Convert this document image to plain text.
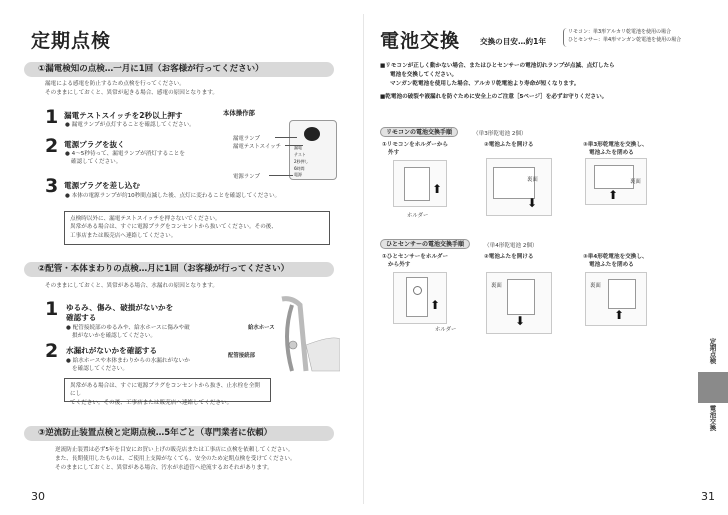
定期点検
①漏電検知の点検…一月に1回（お客様が行ってください）
漏電による感電を防止するため点検を行ってください。
そのままにしておくと、異常が起きる場合、感電の原因となります。
1 漏電テストスイッチを2秒以上押す
● 漏電ランプが点灯することを確認してください。
2 電源プラグを抜く
● 4〜5秒待って、漏電ランプが消灯することを
確認してください。
3 電源プラグを差し込む
● 本体の電源ランプが約10秒間点滅した後、点灯に変わることを確認してください。
本体操作部
漏電
テスト
2秒押し
6時間
電源
漏電ランプ
漏電テストスイッチ
電源ランプ
点検時以外に、漏電テストスイッチを押さないでください。
異常がある場合は、すぐに電源プラグをコンセントから抜いてください。その後、
工事店または販売店へ連絡してください。
②配管・本体まわりの点検…月に1回（お客様が行ってください）
そのままにしておくと、異常がある場合、水漏れの原因となります。
1 ゆるみ、傷み、破損がないかを
確認する
● 配管接続部のゆるみや、給水ホースに傷みや破
損がないかを確認してください。
2 水漏れがないかを確認する
● 給水ホースや本体まわりからの水漏れがないか
を確認してください。
給水ホース
配管接続部
異常がある場合は、すぐに電源プラグをコンセントから抜き、止水栓を全開にし
てください。その後、工事店または販売店へ連絡してください。
③逆流防止装置点検と定期点検…5年ごと（専門業者に依頼）
逆流防止装置は必ず5年を目安にお買い上げの販売店または工事店に点検を依頼してください。
また、長期使用したものは、ご使用上支障がなくても、安全のため定期点検を受けてください。
そのままにしておくと、異常がある場合、汚水が水道管へ逆流するおそれがあります。
30
電池交換	交換の目安…約1年
リモコン：単3形アルカリ乾電池を使用の場合
ひとセンサー：単4形マンガン乾電池を使用の場合
■リモコンが正しく動かない場合、またはひとセンサーの電池切れランプが点滅、点灯したら
電池を交換してください。
マンガン乾電池を使用した場合、アルカリ乾電池より寿命が短くなります。
■乾電池の破裂や液漏れを防ぐために安全上のご注意［5ページ］を必ずお守りください。
リモコンの電池交換手順	（単3形乾電池 2個）
①リモコンをホルダーから
外す
②電池ふたを開ける	③単3形乾電池を交換し、
電池ふたを閉める
⬆
ホルダー
裏面
⬇
裏面
⬆
ひとセンサーの電池交換手順	（単4形乾電池 2個）
①ひとセンサーをホルダー
から外す
②電池ふたを開ける	③単4形乾電池を交換し、
電池ふたを閉める
⬆
ホルダー
裏面
⬇
裏面
⬆
定期点検
電池交換
31
